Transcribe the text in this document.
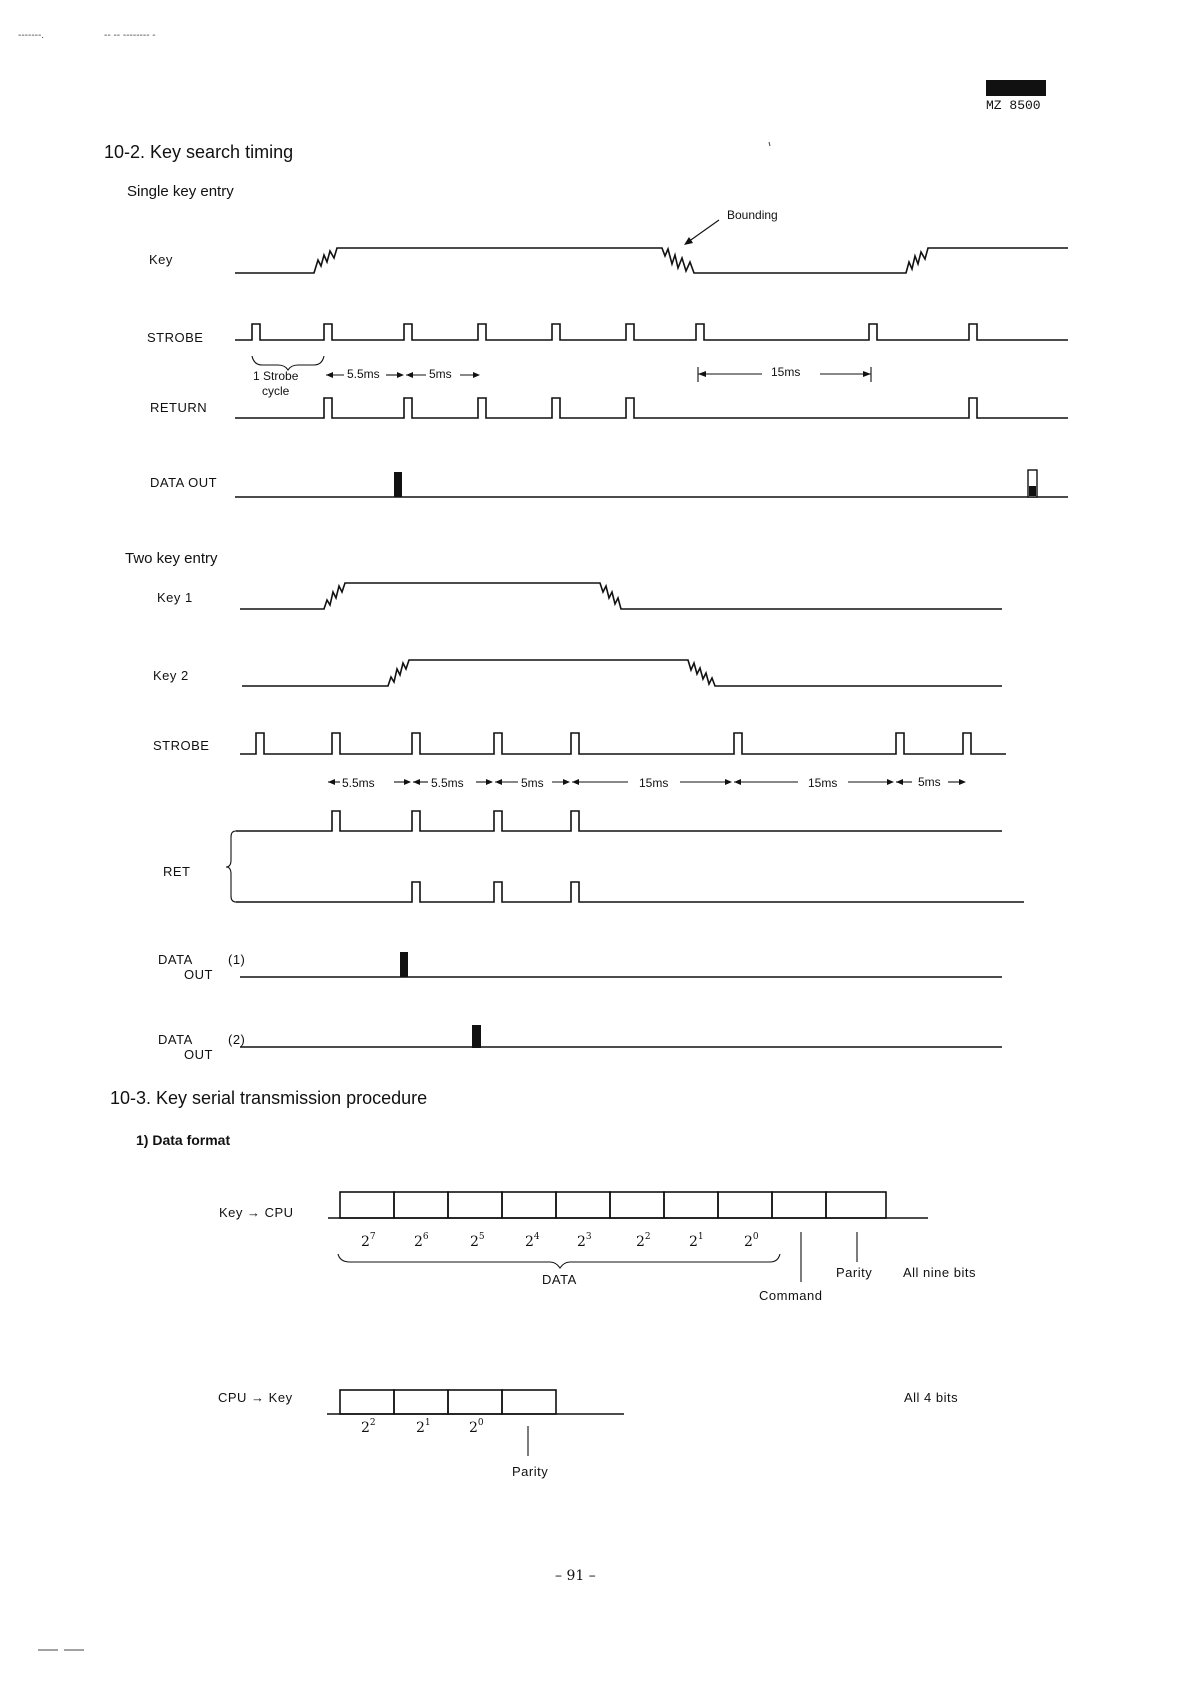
-------.	-- -- -------- -
MZ 8500
10-2. Key search timing
Single key entry
Bounding
Key
STROBE
RETURN
DATA OUT
1 Strobe
cycle
5.5ms	5ms	15ms
Two key entry
Key 1
Key 2
STROBE
RET
5.5ms	5.5ms	5ms	15ms	15ms	5ms
DATA
OUT
(1)
DATA
OUT
(2)
10-3. Key serial transmission procedure
1) Data format
Key → CPU
$2^7$	$2^6$	$2^5$	$2^4$	$2^3$	$2^2$	$2^1$	$2^0$
DATA
Command
Parity All nine bits
CPU → Key
$2^2$	$2^1$	$2^0$
Parity
All 4 bits
– 91 –
